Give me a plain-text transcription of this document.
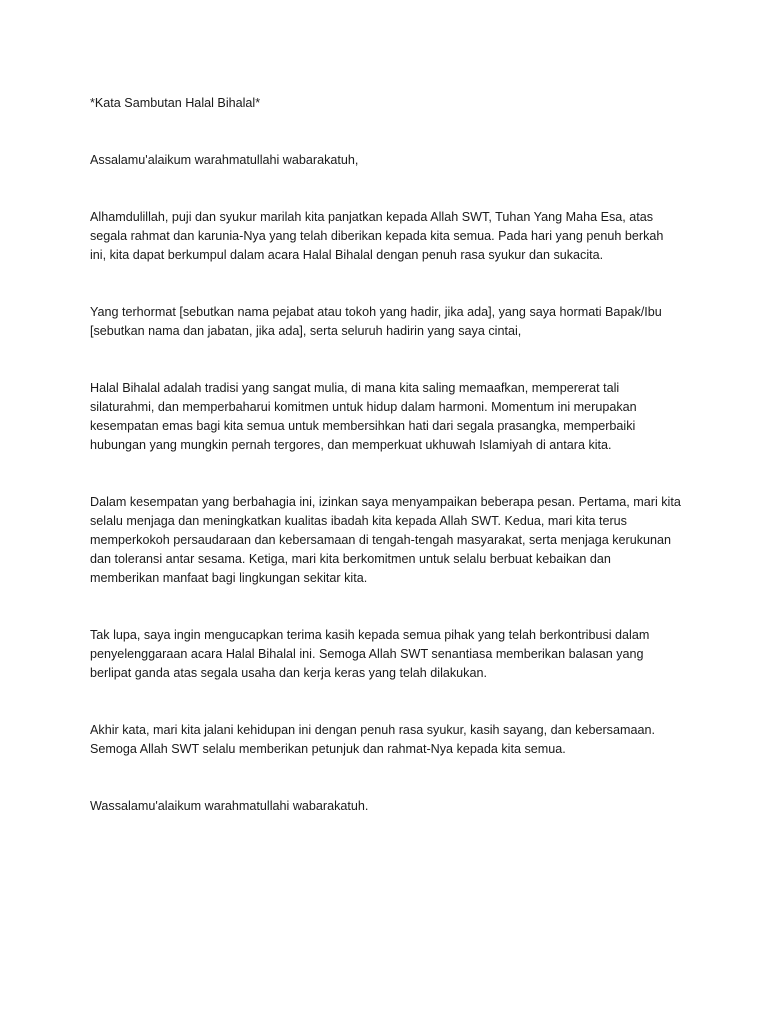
*Kata Sambutan Halal Bihalal*

Assalamu'alaikum warahmatullahi wabarakatuh,

Alhamdulillah, puji dan syukur marilah kita panjatkan kepada Allah SWT, Tuhan Yang Maha Esa, atas
segala rahmat dan karunia-Nya yang telah diberikan kepada kita semua. Pada hari yang penuh berkah
ini, kita dapat berkumpul dalam acara Halal Bihalal dengan penuh rasa syukur dan sukacita.

Yang terhormat [sebutkan nama pejabat atau tokoh yang hadir, jika ada], yang saya hormati Bapak/Ibu
[sebutkan nama dan jabatan, jika ada], serta seluruh hadirin yang saya cintai,

Halal Bihalal adalah tradisi yang sangat mulia, di mana kita saling memaafkan, mempererat tali
silaturahmi, dan memperbaharui komitmen untuk hidup dalam harmoni. Momentum ini merupakan
kesempatan emas bagi kita semua untuk membersihkan hati dari segala prasangka, memperbaiki
hubungan yang mungkin pernah tergores, dan memperkuat ukhuwah Islamiyah di antara kita.

Dalam kesempatan yang berbahagia ini, izinkan saya menyampaikan beberapa pesan. Pertama, mari kita
selalu menjaga dan meningkatkan kualitas ibadah kita kepada Allah SWT. Kedua, mari kita terus
memperkokoh persaudaraan dan kebersamaan di tengah-tengah masyarakat, serta menjaga kerukunan
dan toleransi antar sesama. Ketiga, mari kita berkomitmen untuk selalu berbuat kebaikan dan
memberikan manfaat bagi lingkungan sekitar kita.

Tak lupa, saya ingin mengucapkan terima kasih kepada semua pihak yang telah berkontribusi dalam
penyelenggaraan acara Halal Bihalal ini. Semoga Allah SWT senantiasa memberikan balasan yang
berlipat ganda atas segala usaha dan kerja keras yang telah dilakukan.

Akhir kata, mari kita jalani kehidupan ini dengan penuh rasa syukur, kasih sayang, dan kebersamaan.
Semoga Allah SWT selalu memberikan petunjuk dan rahmat-Nya kepada kita semua.

Wassalamu'alaikum warahmatullahi wabarakatuh.
